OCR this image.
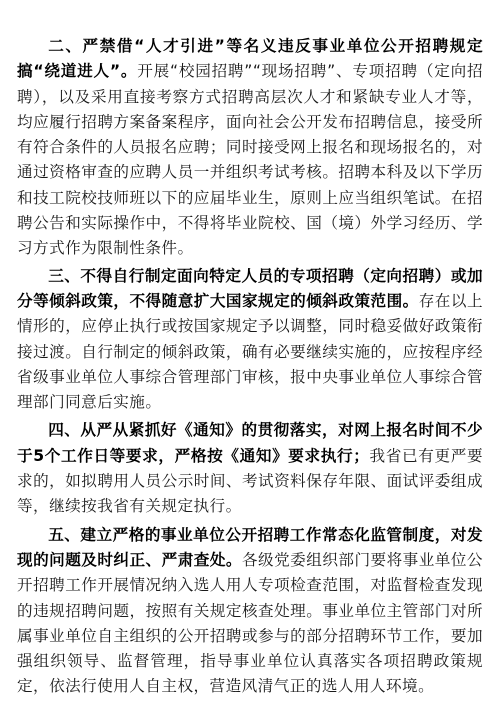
二、严禁借“人才引进”等名义违反事业单位公开招聘规定搞“绕道进人”。开展“校园招聘”“现场招聘”、专项招聘（定向招聘），以及采用直接考察方式招聘高层次人才和紧缺专业人才等，均应履行招聘方案备案程序，面向社会公开发布招聘信息，接受所有符合条件的人员报名应聘；同时接受网上报名和现场报名的，对通过资格审查的应聘人员一并组织考试考核。招聘本科及以下学历和技工院校技师班以下的应届毕业生，原则上应当组织笔试。在招聘公告和实际操作中，不得将毕业院校、国（境）外学习经历、学习方式作为限制性条件。

三、不得自行制定面向特定人员的专项招聘（定向招聘）或加分等倾斜政策，不得随意扩大国家规定的倾斜政策范围。存在以上情形的，应停止执行或按国家规定予以调整，同时稳妥做好政策衔接过渡。自行制定的倾斜政策，确有必要继续实施的，应按程序经省级事业单位人事综合管理部门审核，报中央事业单位人事综合管理部门同意后实施。

四、从严从紧抓好《通知》的贯彻落实，对网上报名时间不少于5个工作日等要求，严格按《通知》要求执行；我省已有更严要求的，如拟聘用人员公示时间、考试资料保存年限、面试评委组成等，继续按我省有关规定执行。

五、建立严格的事业单位公开招聘工作常态化监管制度，对发现的问题及时纠正、严肃查处。各级党委组织部门要将事业单位公开招聘工作开展情况纳入选人用人专项检查范围，对监督检查发现的违规招聘问题，按照有关规定核查处理。事业单位主管部门对所属事业单位自主组织的公开招聘或参与的部分招聘环节工作，要加强组织领导、监督管理，指导事业单位认真落实各项招聘政策规定，依法行使用人自主权，营造风清气正的选人用人环境。
